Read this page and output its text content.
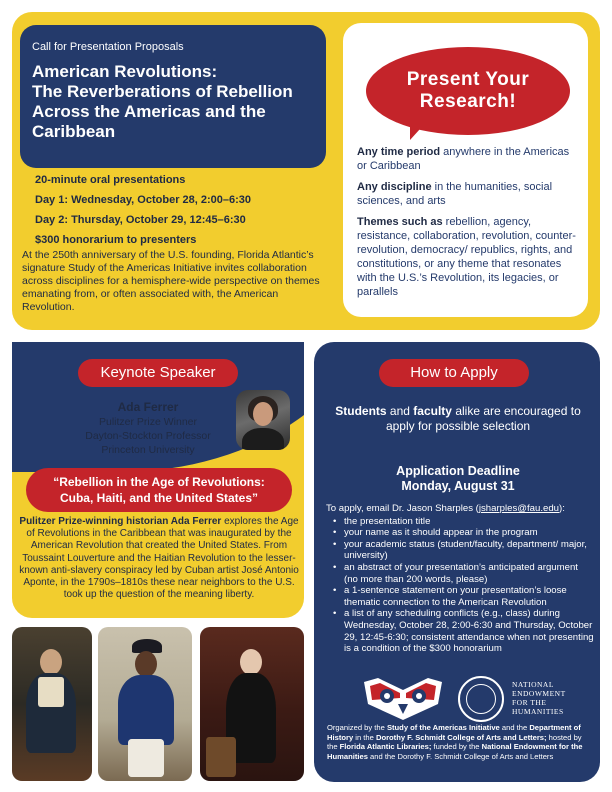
Call for Presentation Proposals
American Revolutions:
The Reverberations of Rebellion
Across the Americas and the
Caribbean
20-minute oral presentations
Day 1: Wednesday, October 28, 2:00–6:30
Day 2: Thursday, October 29, 12:45–6:30
$300 honorarium to presenters

At the 250th anniversary of the U.S. founding, Florida Atlantic’s signature Study of the Americas Initiative invites collaboration across disciplines for a hemisphere-wide perspective on themes emanating from, or often associated with, the American Revolution.

Present Your
Research!

Any time period anywhere in the Americas or Caribbean

Any discipline in the humanities, social sciences, and arts

Themes such as rebellion, agency, resistance, collaboration, revolution, counter-revolution, democracy/ republics, rights, and constitutions, or any theme that resonates with the U.S.’s Revolution, its legacies, or parallels

Keynote Speaker
Ada Ferrer
Pulitzer Prize Winner
Dayton-Stockton Professor
Princeton University
“Rebellion in the Age of Revolutions:
Cuba, Haiti, and the United States”

Pulitzer Prize-winning historian Ada Ferrer explores the Age of Revolutions in the Caribbean that was inaugurated by the American Revolution that created the United States. From Toussaint Louverture and the Haitian Revolution to the lesser-known anti-slavery conspiracy led by Cuban artist José Antonio Aponte, in the 1790s–1810s these near neighbors to the U.S. took up the question of the meaning liberty.

How to Apply

Students and faculty alike are encouraged to apply for possible selection

Application Deadline
Monday, August 31
To apply, email Dr. Jason Sharples (jsharples@fau.edu):
• the presentation title
• your name as it should appear in the program
• your academic status (student/faculty, department/ major, university)
• an abstract of your presentation’s anticipated argument (no more than 200 words, please)
• a 1-sentence statement on your presentation’s loose thematic connection to the American Revolution
• a list of any scheduling conflicts (e.g., class) during Wednesday, October 28, 2:00-6:30 and Thursday, October 29, 12:45-6:30; consistent attendance when not presenting is a condition of the $300 honorarium
NATIONAL
ENDOWMENT
FOR THE
HUMANITIES

Organized by the Study of the Americas Initiative and the Department of History in the Dorothy F. Schmidt College of Arts and Letters; hosted by the Florida Atlantic Libraries; funded by the National Endowment for the Humanities and the Dorothy F. Schmidt College of Arts and Letters
